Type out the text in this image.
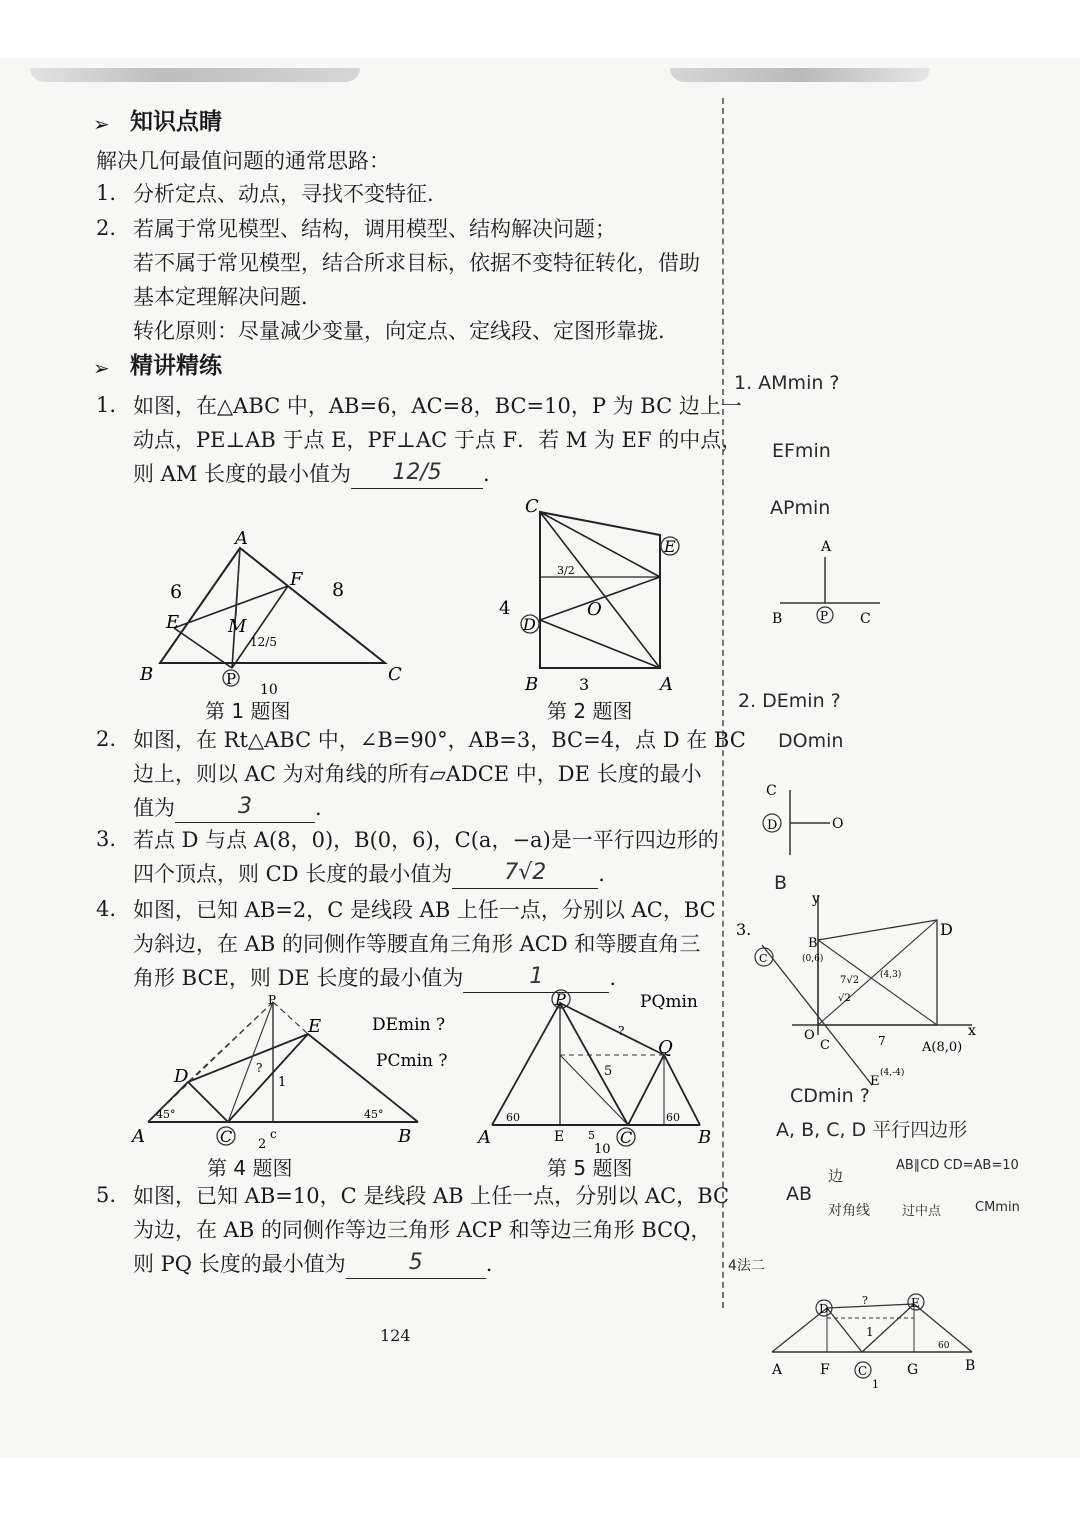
➢ 知识点睛
解决几何最值问题的通常思路：
1. 分析定点、动点，寻找不变特征.
2. 若属于常见模型、结构，调用模型、结构解决问题；
若不属于常见模型，结合所求目标，依据不变特征转化，借助
基本定理解决问题.
转化原则：尽量减少变量，向定点、定线段、定图形靠拢.
➢ 精讲精练
1. 如图，在△ABC 中，AB=6，AC=8，BC=10，P 为 BC 边上一
动点，PE⊥AB 于点 E，PF⊥AC 于点 F．若 M 为 EF 的中点，
则 AM 长度的最小值为	12/5	.
A
B	C
E
F
M
P
6	8
10
12/5
第 1 题图
C
B	A
D
E
O
3
4
3/2
第 2 题图
2. 如图，在 Rt△ABC 中，∠B=90°，AB=3，BC=4，点 D 在 BC
边上，则以 AC 为对角线的所有▱ADCE 中，DE 长度的最小
值为	3	.
3. 若点 D 与点 A(8，0)，B(0，6)，C(a，−a)是一平行四边形的
四个顶点，则 CD 长度的最小值为	7√2	.
4. 如图，已知 AB=2，C 是线段 AB 上任一点，分别以 AC，BC
为斜边，在 AB 的同侧作等腰直角三角形 ACD 和等腰直角三
角形 BCE，则 DE 长度的最小值为	1	.
A	B
C
D
E
P
45°	45°
1
2
c
?
DEmin ?
PCmin ?
第 4 题图
A	B
C
E
P
Q
60	60
5
10
5
?
PQmin
第 5 题图
5. 如图，已知 AB=10，C 是线段 AB 上任一点，分别以 AC，BC
为边，在 AB 的同侧作等边三角形 ACP 和等边三角形 BCQ，
则 PQ 长度的最小值为	5	.
124
1. AMmin ?
EFmin
APmin
A
B	P C
2. DEmin ?
DOmin
C
D	O
B
3.
y
x
D
B
(0,6)
(4,3)
O
C	A(8,0)
E
(4,-4)
7
C
7√2
√2
CDmin ?
A, B, C, D 平行四边形
AB
边
AB∥CD CD=AB=10
对角线 过中点	CMmin
4法二
D	E
A	F C	G	B
?
1
60
1
